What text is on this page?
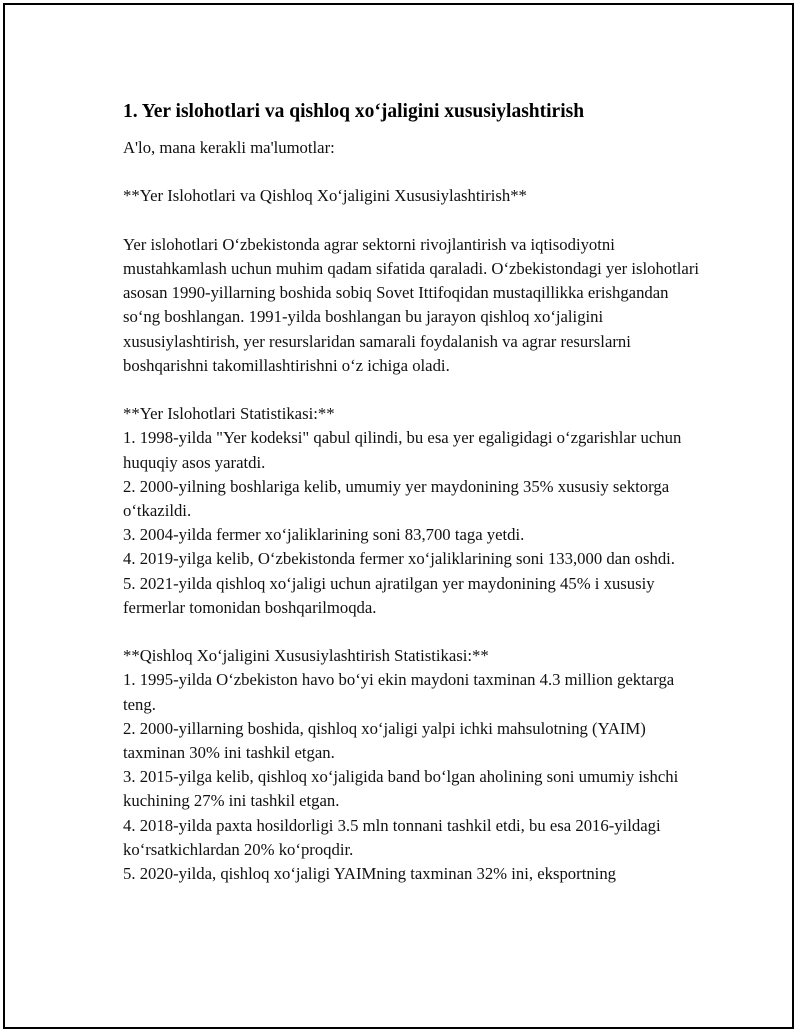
1. Yer islohotlari va qishloq xo‘jaligini xususiylashtirish

A'lo, mana kerakli ma'lumotlar:

**Yer Islohotlari va Qishloq Xo‘jaligini Xususiylashtirish**

Yer islohotlari O‘zbekistonda agrar sektorni rivojlantirish va iqtisodiyotni mustahkamlash uchun muhim qadam sifatida qaraladi. O‘zbekistondagi yer islohotlari asosan 1990-yillarning boshida sobiq Sovet Ittifoqidan mustaqillikka erishgandan so‘ng boshlangan. 1991-yilda boshlangan bu jarayon qishloq xo‘jaligini xususiylashtirish, yer resurslaridan samarali foydalanish va agrar resurslarni boshqarishni takomillashtirishni o‘z ichiga oladi.

**Yer Islohotlari Statistikasi:**

1. 1998-yilda "Yer kodeksi" qabul qilindi, bu esa yer egaligidagi o‘zgarishlar uchun huquqiy asos yaratdi.
2. 2000-yilning boshlariga kelib, umumiy yer maydonining 35% xususiy sektorga o‘tkazildi.
3. 2004-yilda fermer xo‘jaliklarining soni 83,700 taga yetdi.
4. 2019-yilga kelib, O‘zbekistonda fermer xo‘jaliklarining soni 133,000 dan oshdi.
5. 2021-yilda qishloq xo‘jaligi uchun ajratilgan yer maydonining 45% i xususiy fermerlar tomonidan boshqarilmoqda.

**Qishloq Xo‘jaligini Xususiylashtirish Statistikasi:**

1. 1995-yilda O‘zbekiston havo bo‘yi ekin maydoni taxminan 4.3 million gektarga teng.
2. 2000-yillarning boshida, qishloq xo‘jaligi yalpi ichki mahsulotning (YAIM) taxminan 30% ini tashkil etgan.
3. 2015-yilga kelib, qishloq xo‘jaligida band bo‘lgan aholining soni umumiy ishchi kuchining 27% ini tashkil etgan.
4. 2018-yilda paxta hosildorligi 3.5 mln tonnani tashkil etdi, bu esa 2016-yildagi ko‘rsatkichlardan 20% ko‘proqdir.
5. 2020-yilda, qishloq xo‘jaligi YAIMning taxminan 32% ini, eksportning
